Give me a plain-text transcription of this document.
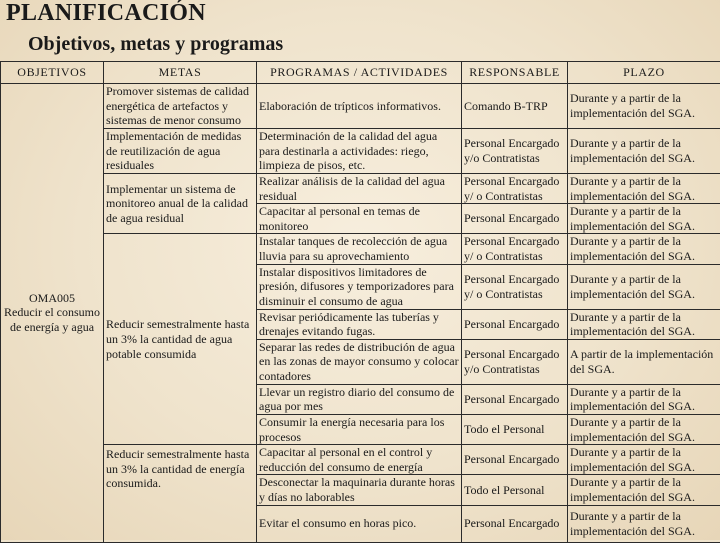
PLANIFICACIÓN
Objetivos, metas y programas
OBJETIVOS	METAS	PROGRAMAS / ACTIVIDADES	RESPONSABLE	PLAZO
OMA005
Reducir el consumo de energía y agua	Promover sistemas de calidad energética de artefactos y sistemas de menor consumo	Elaboración de trípticos informativos.	Comando B-TRP	Durante y a partir de la implementación del SGA.
	Implementación de medidas de reutilización de agua residuales	Determinación de la calidad del agua para destinarla a actividades: riego, limpieza de pisos, etc.	Personal Encargado y/o Contratistas	Durante y a partir de la implementación del SGA.
	Implementar un sistema de monitoreo anual de la calidad de agua residual	Realizar análisis de la calidad del agua residual	Personal Encargado y/ o Contratistas	Durante y a partir de la implementación del SGA.
		Capacitar al personal en temas de monitoreo	Personal Encargado	Durante y a partir de la implementación del SGA.
	Reducir semestralmente hasta un 3% la cantidad de agua potable consumida	Instalar tanques de recolección de agua lluvia para su aprovechamiento	Personal Encargado y/ o Contratistas	Durante y a partir de la implementación del SGA.
		Instalar dispositivos limitadores de presión, difusores y temporizadores para disminuir el consumo de agua	Personal Encargado y/ o Contratistas	Durante y a partir de la implementación del SGA.
		Revisar periódicamente las tuberías y drenajes evitando fugas.	Personal Encargado	Durante y a partir de la implementación del SGA.
		Separar las redes de distribución de agua en las zonas de mayor consumo y colocar contadores	Personal Encargado y/o Contratistas	A partir de la implementación del SGA.
		Llevar un registro diario del consumo de agua por mes	Personal Encargado	Durante y a partir de la implementación del SGA.
		Consumir la energía necesaria para los procesos	Todo el Personal	Durante y a partir de la implementación del SGA.
	Reducir semestralmente hasta un 3% la cantidad de energía consumida.	Capacitar al personal en el control y reducción del consumo de energía	Personal Encargado	Durante y a partir de la implementación del SGA.
		Desconectar la maquinaria durante horas y días no laborables	Todo el Personal	Durante y a partir de la implementación del SGA.
		Evitar el consumo en horas pico.	Personal Encargado	Durante y a partir de la implementación del SGA.
